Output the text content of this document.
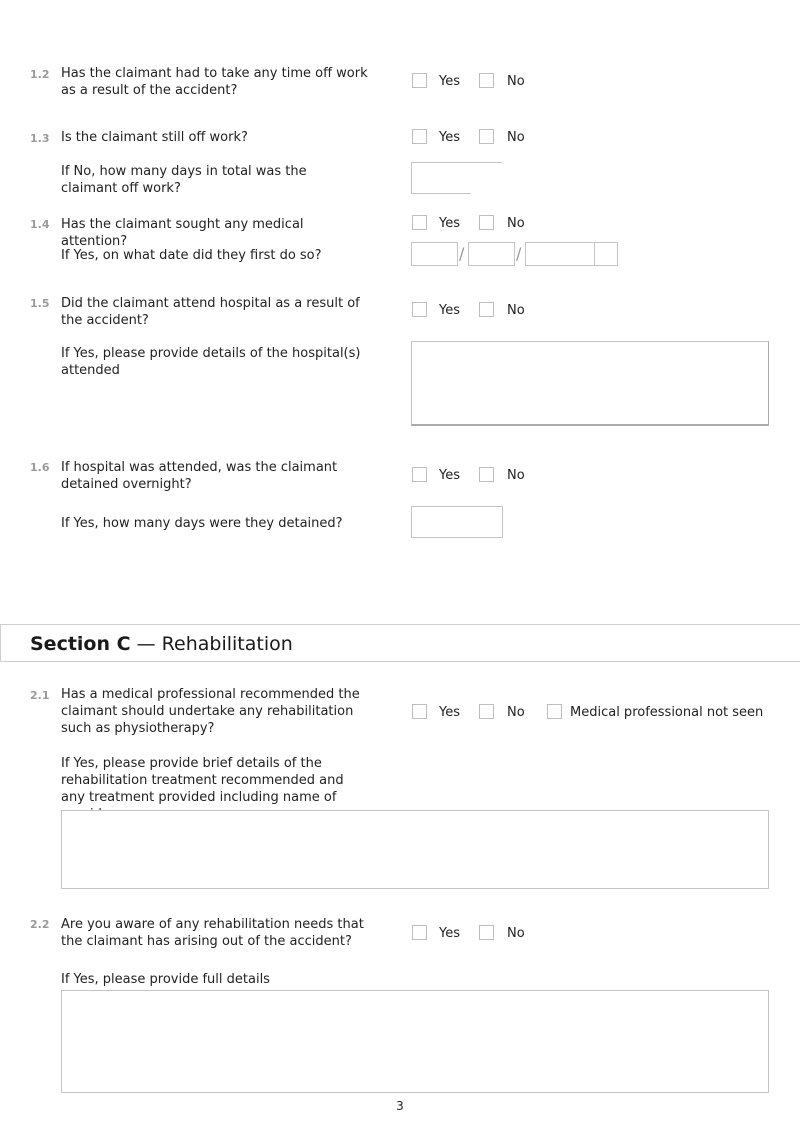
1.2 Has the claimant had to take any time off work as a result of the accident?
Yes	No
1.3 Is the claimant still off work?	Yes	No
If No, how many days in total was the claimant off work?
1.4 Has the claimant sought any medical attention?
Yes	No
If Yes, on what date did they first do so?	/	/
1.5 Did the claimant attend hospital as a result of the accident?
Yes	No
If Yes, please provide details of the hospital(s) attended
1.6 If hospital was attended, was the claimant detained overnight?
Yes	No
If Yes, how many days were they detained?
Section C — Rehabilitation
2.1 Has a medical professional recommended the claimant should undertake any rehabilitation such as physiotherapy?
Yes	No	Medical professional not seen
If Yes, please provide brief details of the rehabilitation treatment recommended and any treatment provided including name of
2.2 Are you aware of any rehabilitation needs that the claimant has arising out of the accident?
Yes	No
If Yes, please provide full details
3
